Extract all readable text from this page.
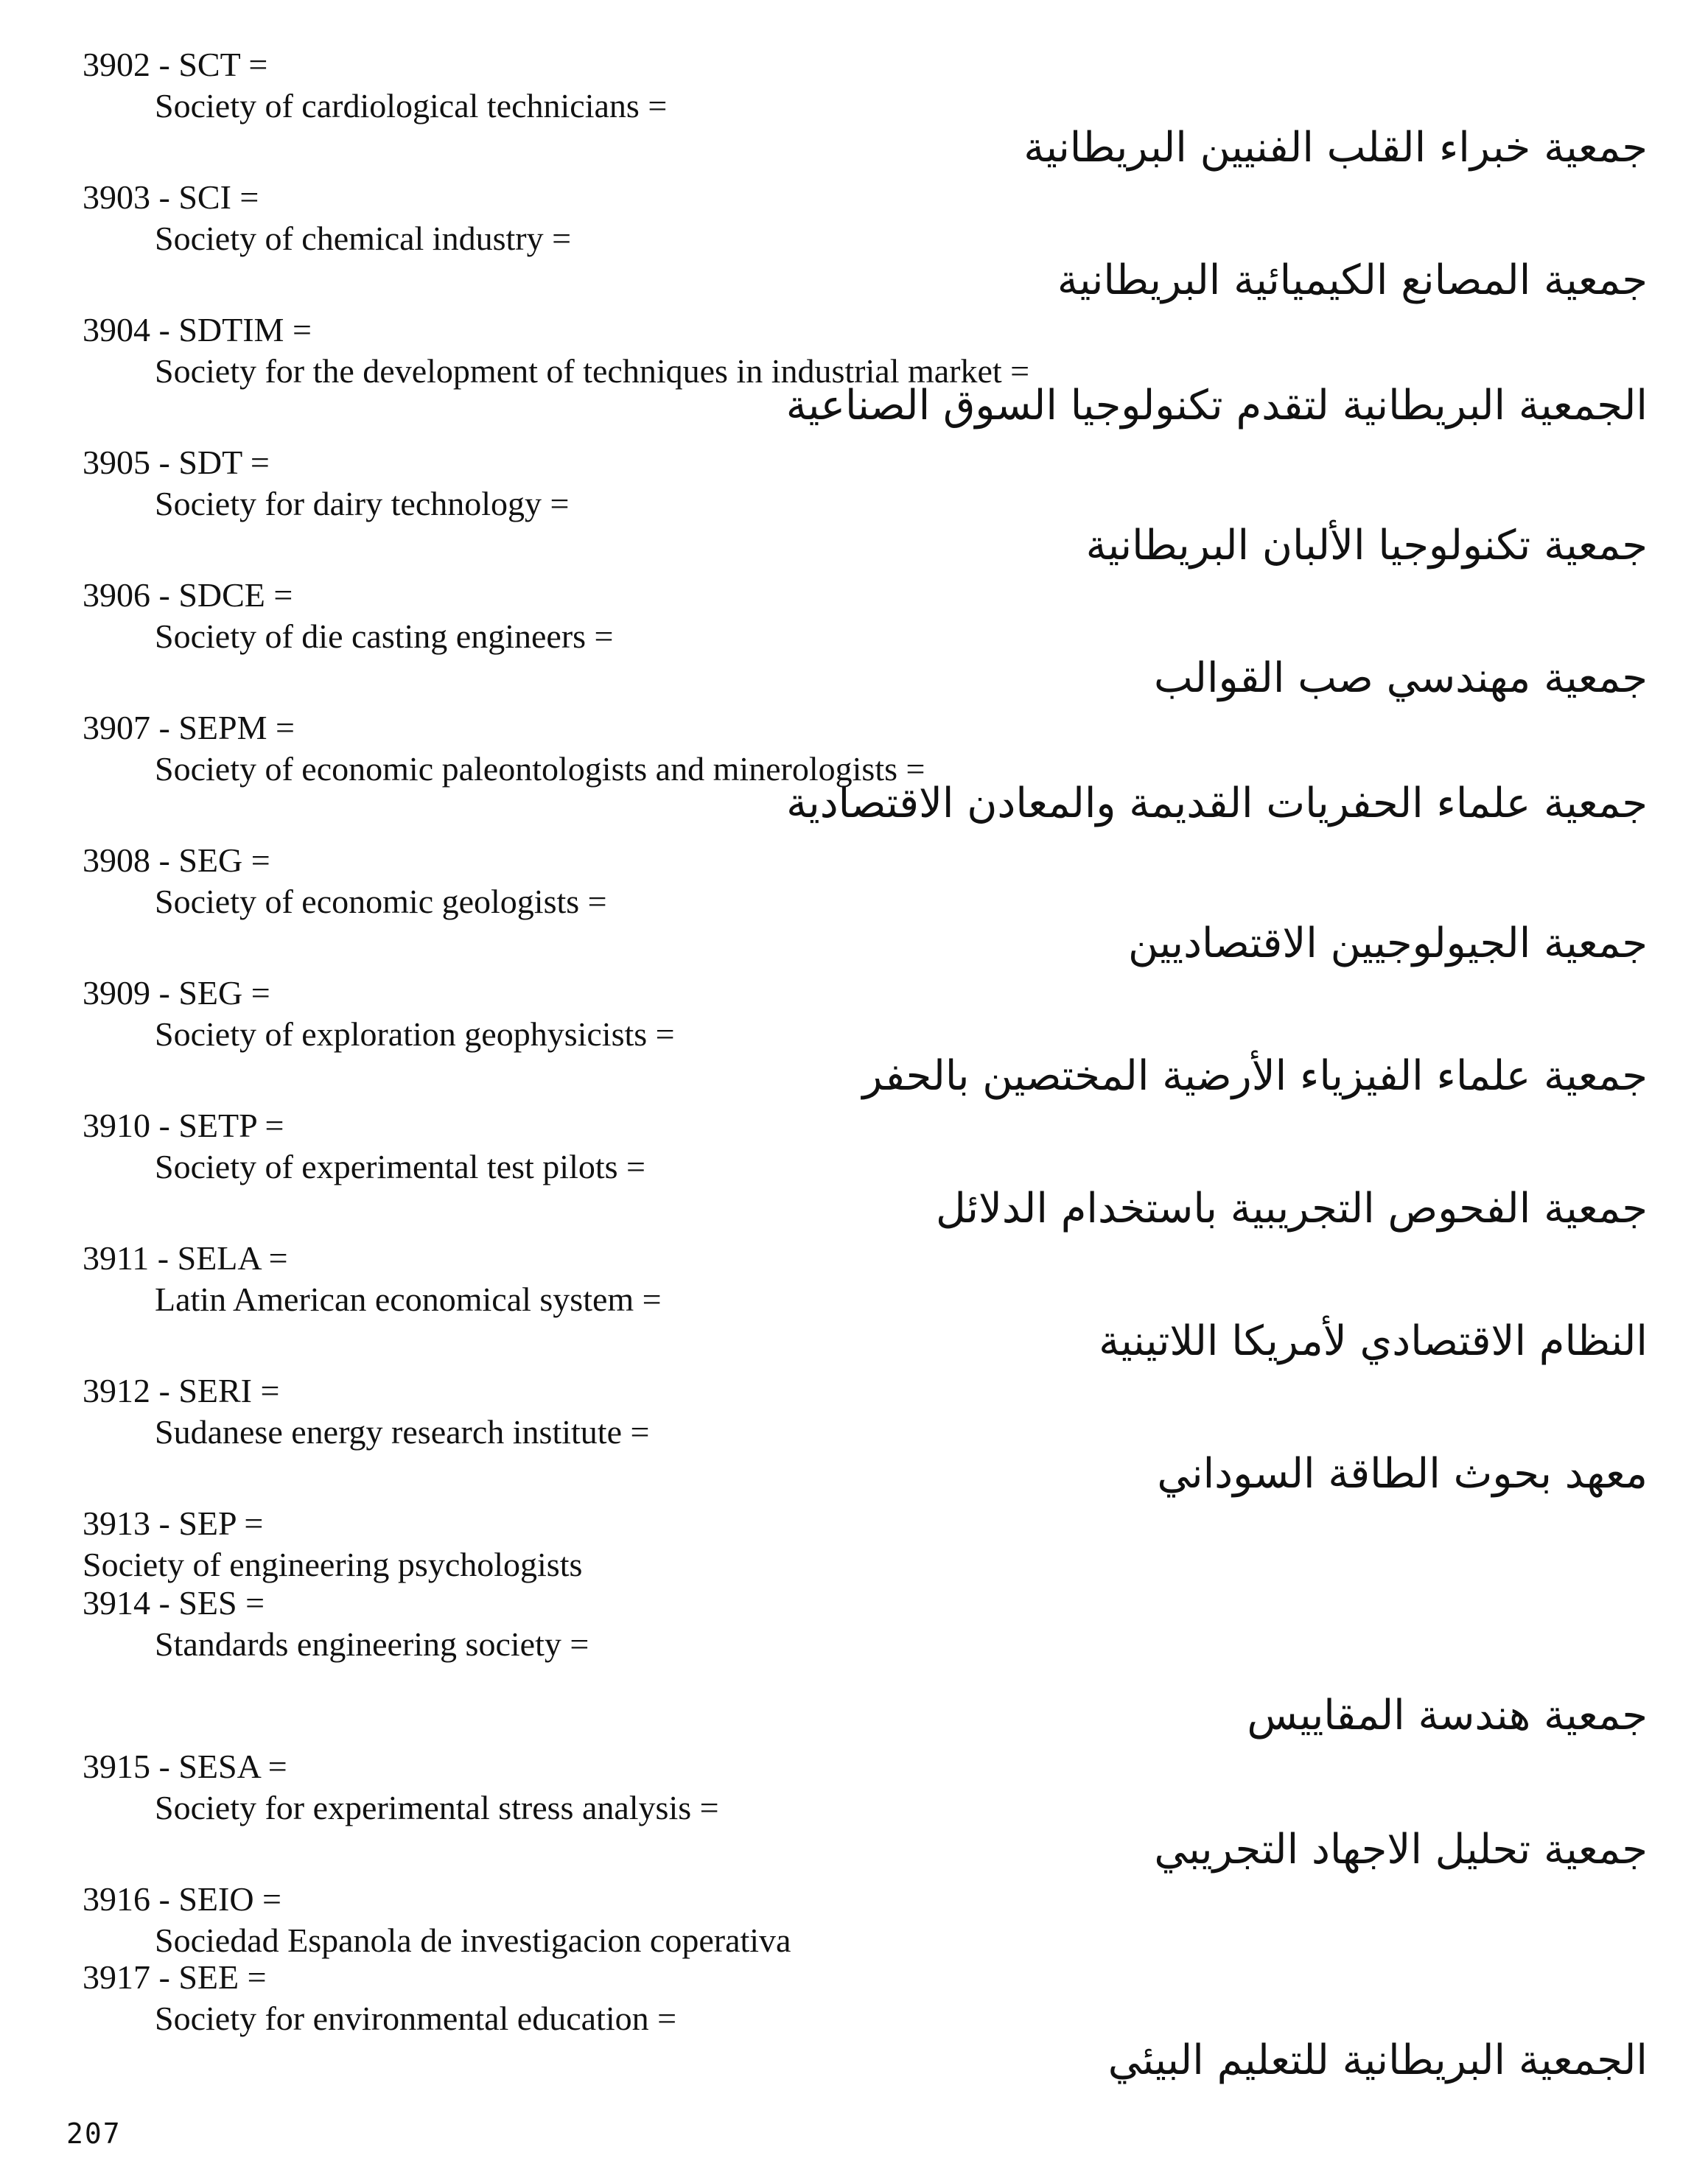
3902 - SCT =
Society of cardiological technicians =
جمعية خبراء القلب الفنيين البريطانية
3903 - SCI =
Society of chemical industry =
جمعية المصانع الكيميائية البريطانية
3904 - SDTIM =
Society for the development of techniques in industrial market =
الجمعية البريطانية لتقدم تكنولوجيا السوق الصناعية
3905 - SDT =
Society for dairy technology =
جمعية تكنولوجيا الألبان البريطانية
3906 - SDCE =
Society of die casting engineers =
جمعية مهندسي صب القوالب
3907 - SEPM =
Society of economic paleontologists and minerologists =
جمعية علماء الحفريات القديمة والمعادن الاقتصادية
3908 - SEG =
Society of economic geologists =
جمعية الجيولوجيين الاقتصاديين
3909 - SEG =
Society of exploration geophysicists =
جمعية علماء الفيزياء الأرضية المختصين بالحفر
3910 - SETP =
Society of experimental test pilots =
جمعية الفحوص التجريبية باستخدام الدلائل
3911 - SELA =
Latin American economical system =
النظام الاقتصادي لأمريكا اللاتينية
3912 - SERI =
Sudanese energy research institute =
معهد بحوث الطاقة السوداني
3913 - SEP =
Society of engineering psychologists
3914 - SES =
Standards engineering society =
جمعية هندسة المقاييس
3915 - SESA =
Society for experimental stress analysis =
جمعية تحليل الاجهاد التجريبي
3916 - SEIO =
Sociedad Espanola de investigacion coperativa
3917 - SEE =
Society for environmental education =
الجمعية البريطانية للتعليم البيئي
207
